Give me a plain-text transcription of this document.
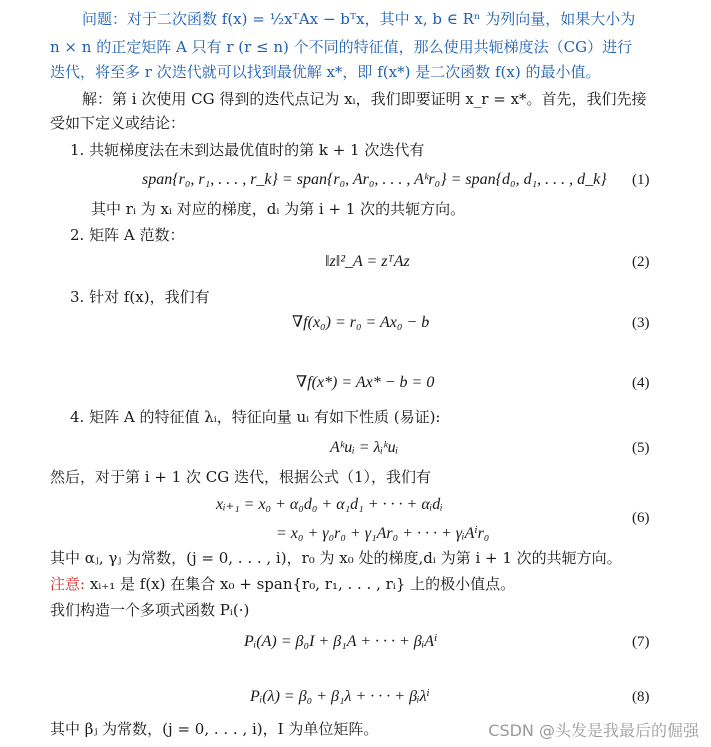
问题：对于二次函数 f(x) = ½xᵀAx − bᵀx，其中 x, b ∈ Rⁿ 为列向量，如果大小为
n × n 的正定矩阵 A 只有 r (r ≤ n) 个不同的特征值，那么使用共轭梯度法（CG）进行
迭代，将至多 r 次迭代就可以找到最优解 x*，即 f(x*) 是二次函数 f(x) 的最小值。
解：第 i 次使用 CG 得到的迭代点记为 xᵢ，我们即要证明 x_r = x*。首先，我们先接
受如下定义或结论：
1. 共轭梯度法在未到达最优值时的第 k + 1 次迭代有
span{r₀, r₁, . . . , r_k} = span{r₀, Ar₀, . . . , Aᵏr₀} = span{d₀, d₁, . . . , d_k} (1)
其中 rᵢ 为 xᵢ 对应的梯度，dᵢ 为第 i + 1 次的共轭方向。
2. 矩阵 A 范数：
‖z‖²_A = zᵀAz	(2)
3. 针对 f(x)，我们有
∇f(x₀) = r₀ = Ax₀ − b	(3)
∇f(x*) = Ax* − b = 0	(4)
4. 矩阵 A 的特征值 λᵢ，特征向量 uᵢ 有如下性质 (易证):
Aᵏuᵢ = λᵢᵏuᵢ	(5)
然后，对于第 i + 1 次 CG 迭代，根据公式（1），我们有
xᵢ₊₁ = x₀ + α₀d₀ + α₁d₁ + · · · + αᵢdᵢ
= x₀ + γ₀r₀ + γ₁Ar₀ + · · · + γᵢAⁱr₀
(6)
其中 αⱼ, γⱼ 为常数，(j = 0, . . . , i)，r₀ 为 x₀ 处的梯度,dᵢ 为第 i + 1 次的共轭方向。
注意: xᵢ₊₁ 是 f(x) 在集合 x₀ + span{r₀, r₁, . . . , rᵢ} 上的极小值点。
我们构造一个多项式函数 Pᵢ(·)
Pᵢ(A) = β₀I + β₁A + · · · + βᵢAⁱ	(7)
Pᵢ(λ) = β₀ + β₁λ + · · · + βᵢλⁱ	(8)
其中 βⱼ 为常数，(j = 0, . . . , i)，I 为单位矩阵。	CSDN @头发是我最后的倔强
